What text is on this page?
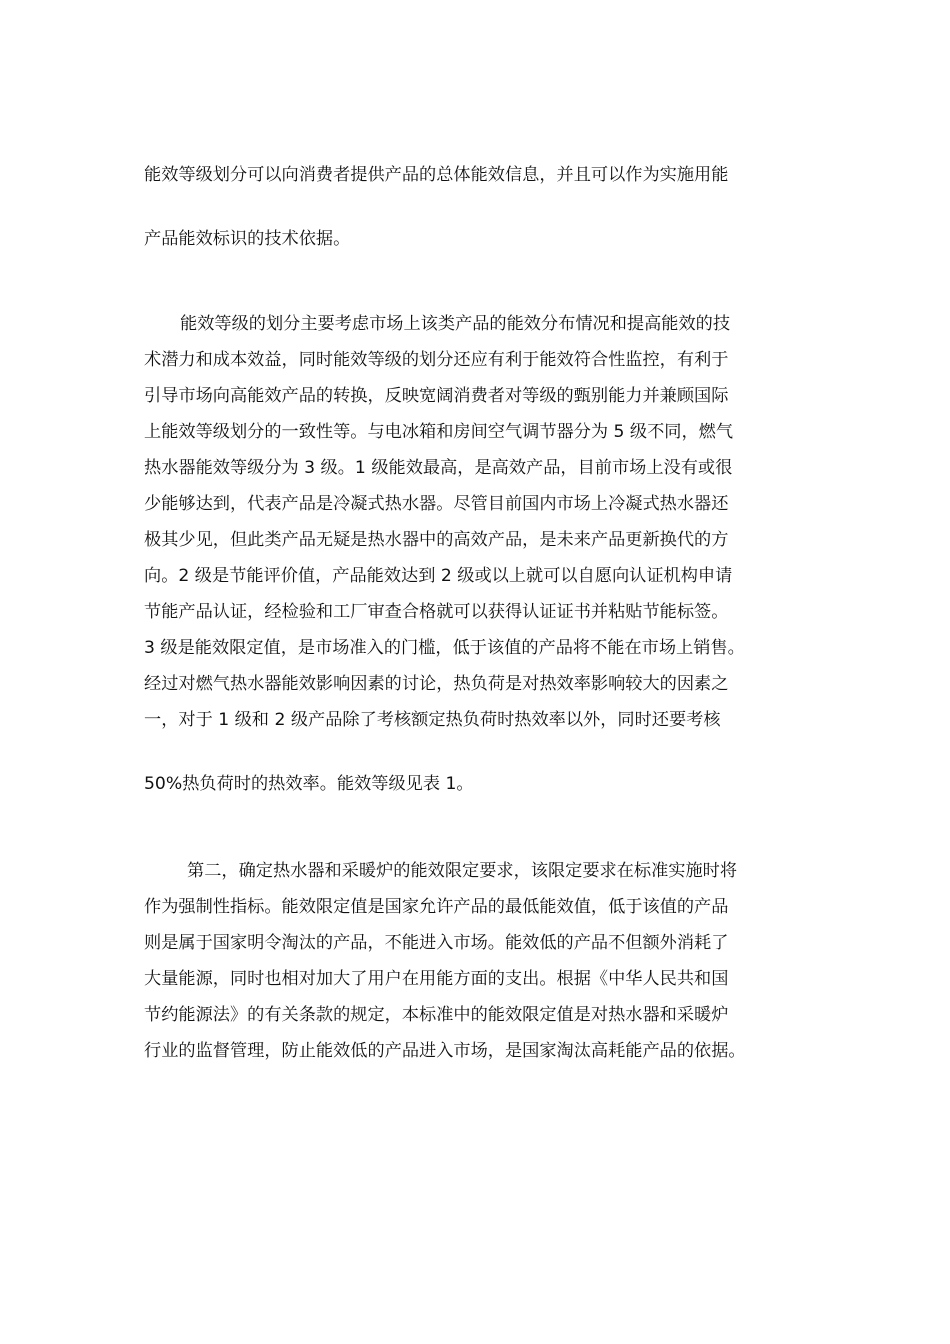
能效等级划分可以向消费者提供产品的总体能效信息，并且可以作为实施用能
产品能效标识的技术依据。
能效等级的划分主要考虑市场上该类产品的能效分布情况和提高能效的技
术潜力和成本效益，同时能效等级的划分还应有利于能效符合性监控，有利于
引导市场向高能效产品的转换，反映宽阔消费者对等级的甄别能力并兼顾国际
上能效等级划分的一致性等。与电冰箱和房间空气调节器分为 5 级不同，燃气
热水器能效等级分为 3 级。1 级能效最高，是高效产品，目前市场上没有或很
少能够达到，代表产品是冷凝式热水器。尽管目前国内市场上冷凝式热水器还
极其少见，但此类产品无疑是热水器中的高效产品，是未来产品更新换代的方
向。2 级是节能评价值，产品能效达到 2 级或以上就可以自愿向认证机构申请
节能产品认证，经检验和工厂审查合格就可以获得认证证书并粘贴节能标签。
3 级是能效限定值，是市场准入的门槛，低于该值的产品将不能在市场上销售。
经过对燃气热水器能效影响因素的讨论，热负荷是对热效率影响较大的因素之
一，对于 1 级和 2 级产品除了考核额定热负荷时热效率以外，同时还要考核
50%热负荷时的热效率。能效等级见表 1。
第二，确定热水器和采暖炉的能效限定要求，该限定要求在标准实施时将
作为强制性指标。能效限定值是国家允许产品的最低能效值，低于该值的产品
则是属于国家明令淘汰的产品，不能进入市场。能效低的产品不但额外消耗了
大量能源，同时也相对加大了用户在用能方面的支出。根据《中华人民共和国
节约能源法》的有关条款的规定，本标准中的能效限定值是对热水器和采暖炉
行业的监督管理，防止能效低的产品进入市场，是国家淘汰高耗能产品的依据。
